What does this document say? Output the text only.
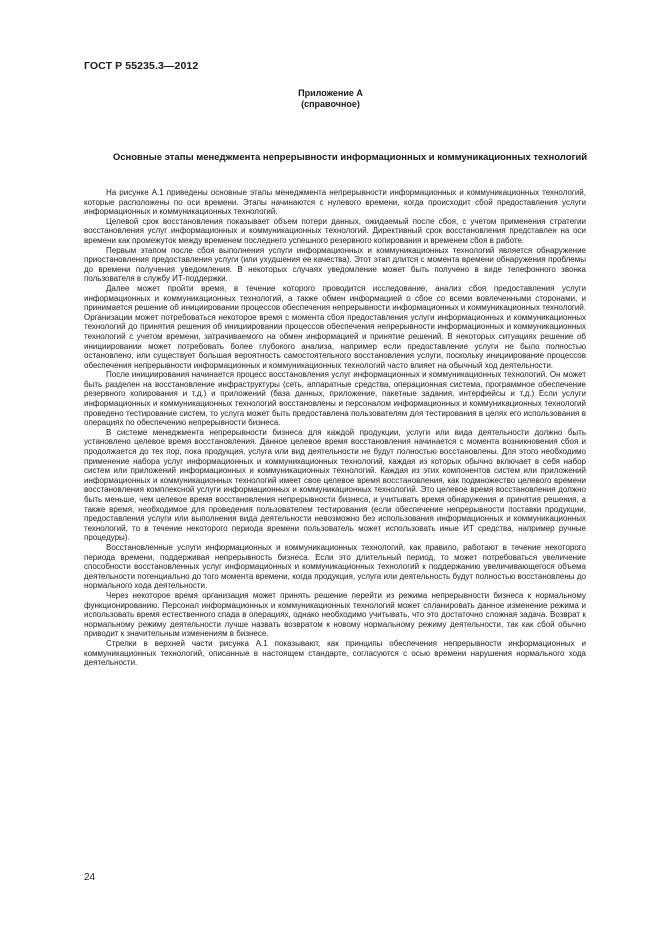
ГОСТ Р 55235.3—2012
Приложение А
(справочное)
Основные этапы менеджмента непрерывности информационных и коммуникационных технологий

На рисунке А.1 приведены основные этапы менеджмента непрерывности информационных и коммуникационных технологий, которые расположены по оси времени. Этапы начинаются с нулевого времени, когда происходит сбой предоставления услуги информационных и коммуникационных технологий.

Целевой срок восстановления показывает объем потери данных, ожидаемый после сбоя, с учетом применения стратегии восстановления услуг информационных и коммуникационных технологий. Директивный срок восстановления представлен на оси времени как промежуток между временем последнего успешного резервного копирования и временем сбоя в работе.

Первым этапом после сбоя выполнения услуги информационных и коммуникационных технологий является обнаружение приостановления предоставления услуги (или ухудшения ее качества). Этот этап длится с момента времени обнаружения проблемы до времени получения уведомления. В некоторых случаях уведомление может быть получено в виде телефонного звонка пользователя в службу ИТ-поддержки.

Далее может пройти время, в течение которого проводится исследование, анализ сбоя предоставления услуги информационных и коммуникационных технологий, а также обмен информацией о сбое со всеми вовлеченными сторонами, и принимается решение об инициировании процессов обеспечения непрерывности информационных и коммуникационных технологий. Организации может потребоваться некоторое время с момента сбоя предоставления услуги информационных и коммуникационных технологий до принятия решения об инициировании процессов обеспечения непрерывности информационных и коммуникационных технологий с учетом времени, затрачиваемого на обмен информацией и принятие решений. В некоторых ситуациях решение об инициировании может потребовать более глубокого анализа, например если предоставление услуги не было полностью остановлено, или существует большая вероятность самостоятельного восстановления услуги, поскольку инициирование процессов обеспечения непрерывности информационных и коммуникационных технологий часто влияет на обычный ход деятельности.

После инициирования начинается процесс восстановления услуг информационных и коммуникационных технологий. Он может быть разделен на восстановление инфраструктуры (сеть, аппаратные средства, операционная система, программное обеспечение резервного копирования и т.д.) и приложений (база данных, приложение, пакетные задания, интерфейсы и т.д.) Если услуги информационных и коммуникационных технологий восстановлены и персоналом информационных и коммуникационных технологий проведено тестирование систем, то услуга может быть предоставлена пользователям для тестирования в целях его использования в операциях по обеспечению непрерывности бизнеса.

В системе менеджмента непрерывности бизнеса для каждой продукции, услуги или вида деятельности должно быть установлено целевое время восстановления. Данное целевое время восстановления начинается с момента возникновения сбоя и продолжается до тех пор, пока продукция, услуга или вид деятельности не будут полностью восстановлены. Для этого необходимо применение набора услуг информационных и коммуникационных технологий, каждая из которых обычно включает в себя набор систем или приложений информационных и коммуникационных технологий. Каждая из этих компонентов систем или приложений информационных и коммуникационных технологий имеет свое целевое время восстановления, как подмножество целевого времени восстановления комплексной услуги информационных и коммуникационных технологий. Это целевое время восстановления должно быть меньше, чем целевое время восстановления непрерывности бизнеса, и учитывать время обнаружения и принятия решения, а также время, необходимое для проведения пользователем тестирования (если обеспечение непрерывности поставки продукции, предоставления услуги или выполнения вида деятельности невозможно без использования информационных и коммуникационных технологий, то в течение некоторого периода времени пользователь может использовать иные ИТ средства, например ручные процедуры).

Восстановленные услуги информационных и коммуникационных технологий, как правило, работают в течение некоторого периода времени, поддерживая непрерывность бизнеса. Если это длительный период, то может потребоваться увеличение способности восстановленных услуг информационных и коммуникационных технологий к поддержанию увеличивающегося объема деятельности потенциально до того момента времени, когда продукция, услуга или деятельность будут полностью восстановлены до нормального хода деятельности.

Через некоторое время организация может принять решение перейти из режима непрерывности бизнеса к нормальному функционированию. Персонал информационных и коммуникационных технологий может спланировать данное изменение режима и использовать время естественного спада в операциях, однако необходимо учитывать, что это достаточно сложная задача. Возврат к нормальному режиму деятельности лучше назвать возвратом к новому нормальному режиму деятельности, так как сбой обычно приводит к значительным изменениям в бизнесе.

Стрелки в верхней части рисунка А.1 показывают, как принципы обеспечения непрерывности информационных и коммуникационных технологий, описанные в настоящем стандарте, согласуются с осью времени нарушения нормального хода деятельности.

24
